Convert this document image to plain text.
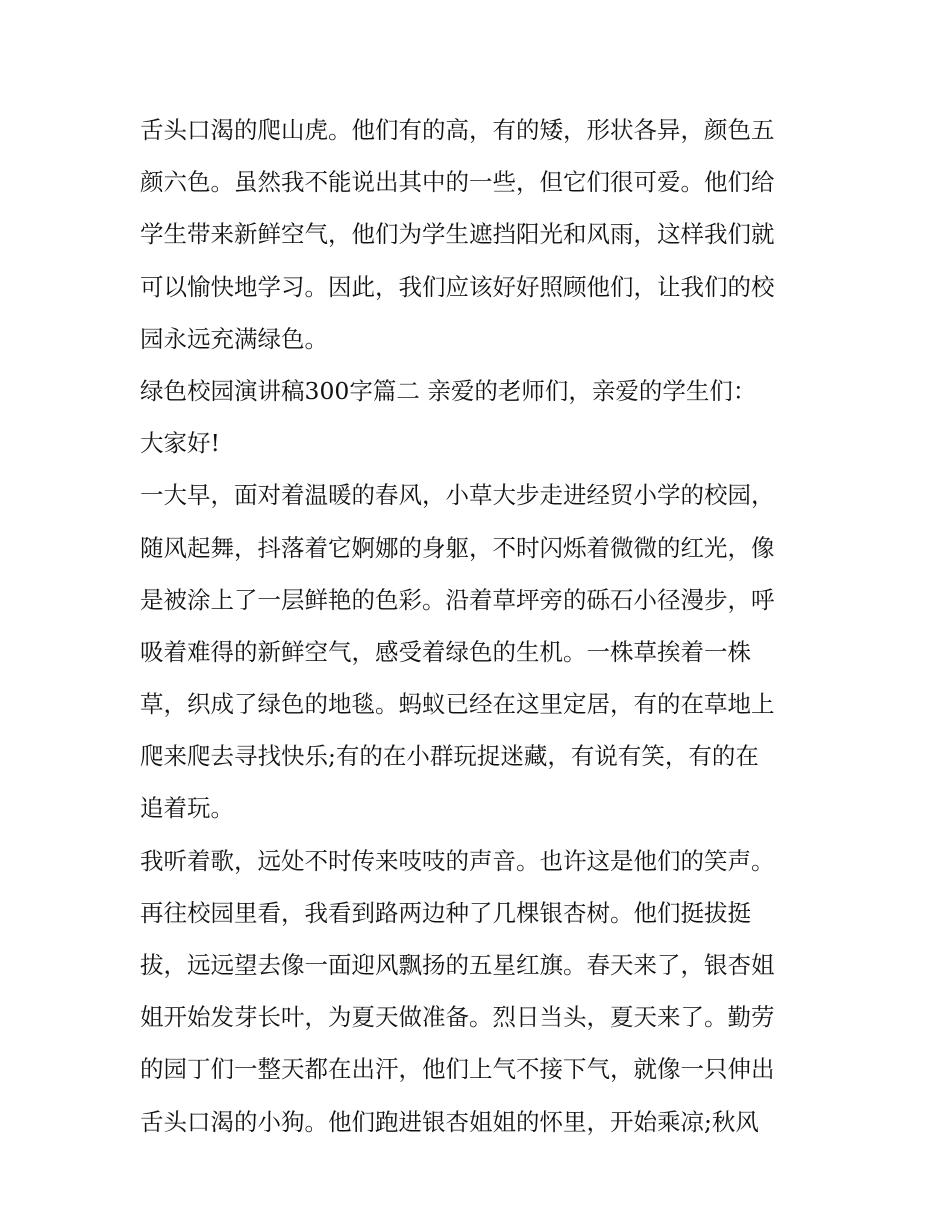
舌头口渴的爬山虎。他们有的高，有的矮，形状各异，颜色五
颜六色。虽然我不能说出其中的一些，但它们很可爱。他们给
学生带来新鲜空气，他们为学生遮挡阳光和风雨，这样我们就
可以愉快地学习。因此，我们应该好好照顾他们，让我们的校
园永远充满绿色。
绿色校园演讲稿300字篇二 亲爱的老师们，亲爱的学生们：
大家好!
一大早，面对着温暖的春风，小草大步走进经贸小学的校园，
随风起舞，抖落着它婀娜的身躯，不时闪烁着微微的红光，像
是被涂上了一层鲜艳的色彩。沿着草坪旁的砾石小径漫步，呼
吸着难得的新鲜空气，感受着绿色的生机。一株草挨着一株
草，织成了绿色的地毯。蚂蚁已经在这里定居，有的在草地上
爬来爬去寻找快乐;有的在小群玩捉迷藏，有说有笑，有的在
追着玩。
我听着歌，远处不时传来吱吱的声音。也许这是他们的笑声。
再往校园里看，我看到路两边种了几棵银杏树。他们挺拔挺
拔，远远望去像一面迎风飘扬的五星红旗。春天来了，银杏姐
姐开始发芽长叶，为夏天做准备。烈日当头，夏天来了。勤劳
的园丁们一整天都在出汗，他们上气不接下气，就像一只伸出
舌头口渴的小狗。他们跑进银杏姐姐的怀里，开始乘凉;秋风
